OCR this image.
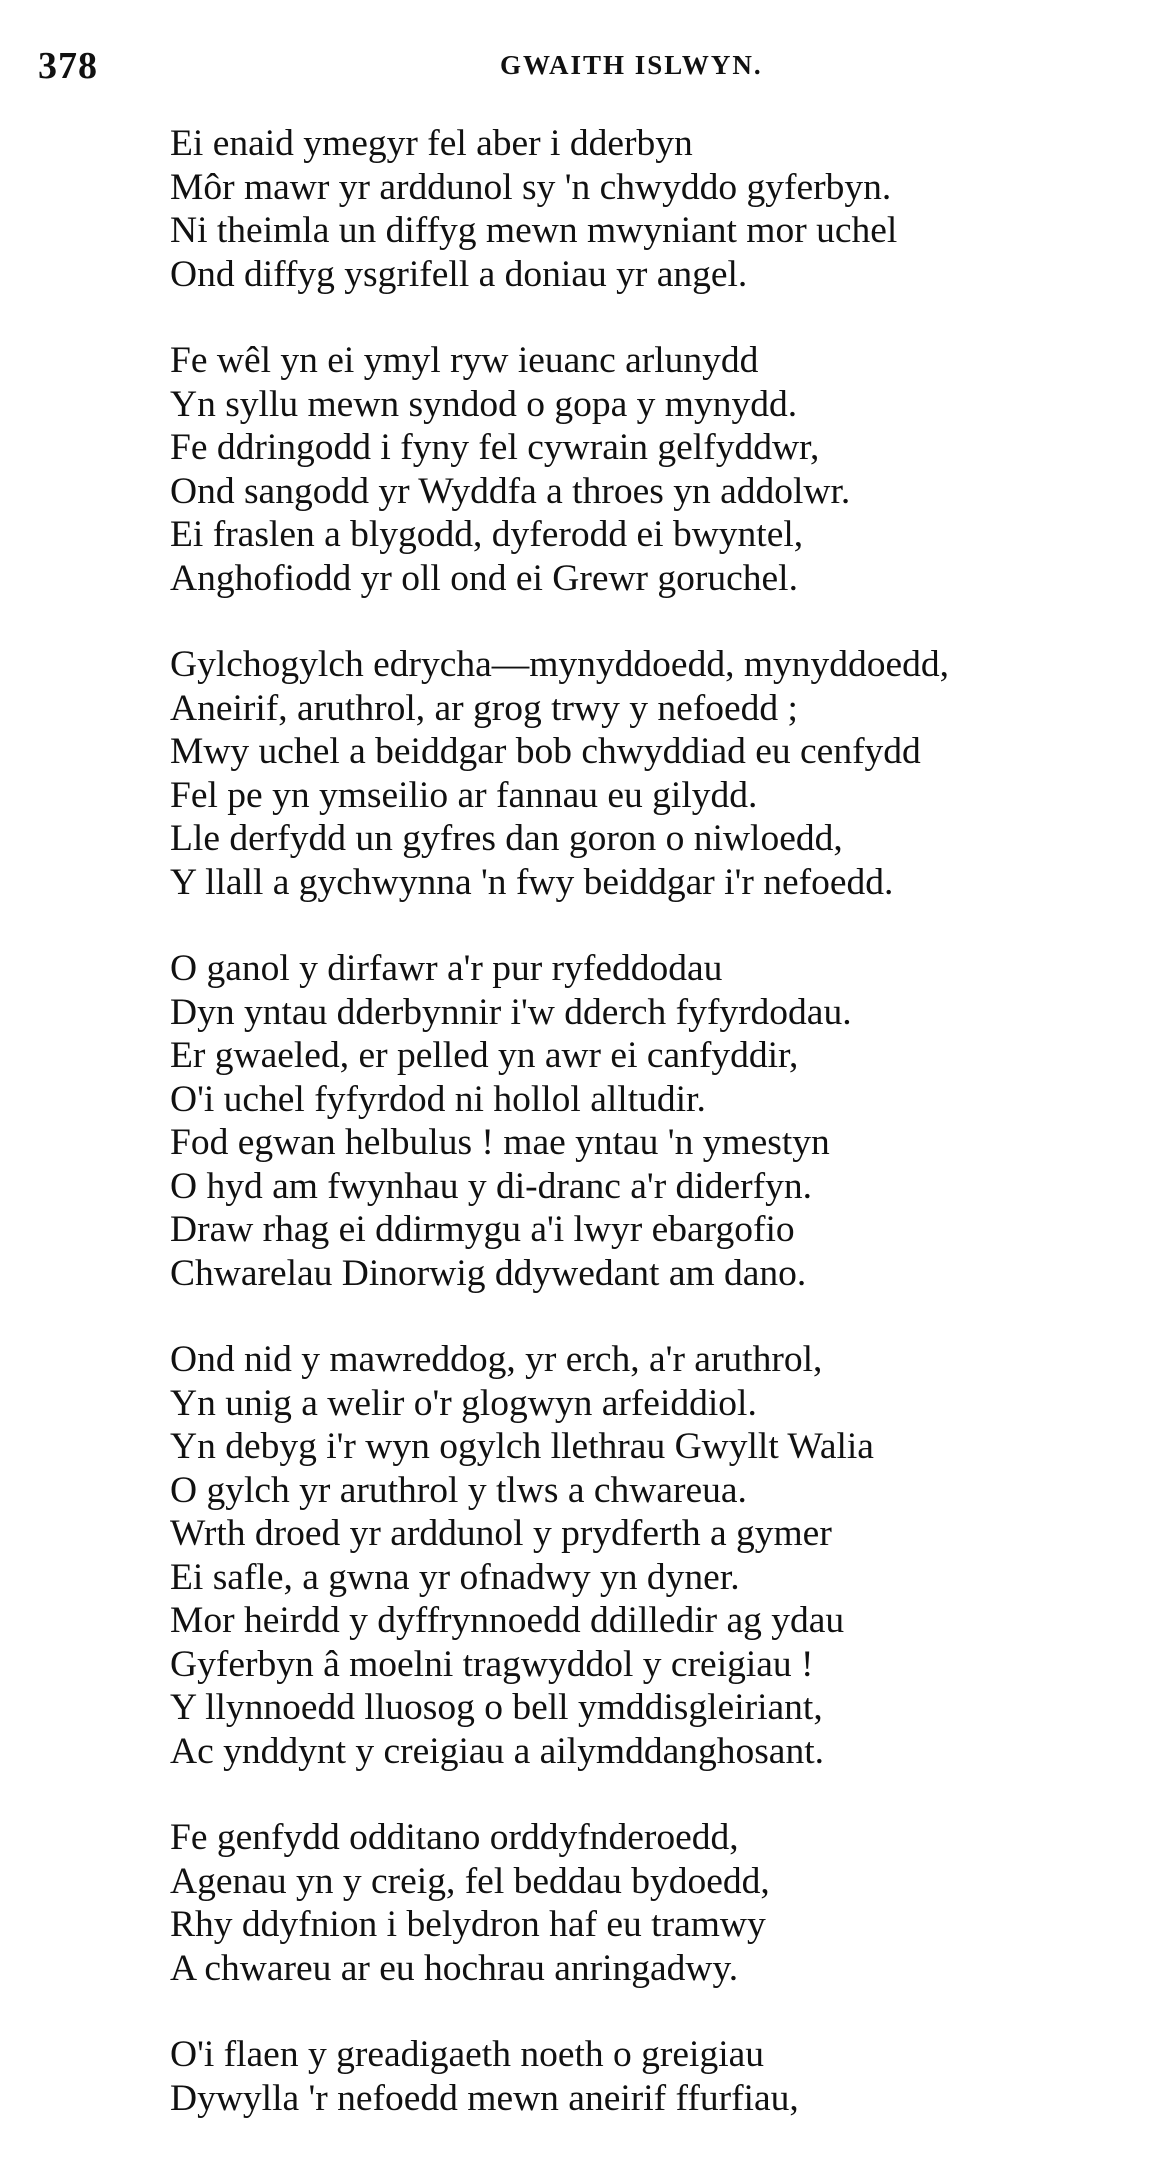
378	GWAITH ISLWYN.
Ei enaid ymegyr fel aber i dderbyn
Môr mawr yr arddunol sy 'n chwyddo gyferbyn.
Ni theimla un diffyg mewn mwyniant mor uchel
Ond diffyg ysgrifell a doniau yr angel.
Fe wêl yn ei ymyl ryw ieuanc arlunydd
Yn syllu mewn syndod o gopa y mynydd.
Fe ddringodd i fyny fel cywrain gelfyddwr,
Ond sangodd yr Wyddfa a throes yn addolwr.
Ei fraslen a blygodd, dyferodd ei bwyntel,
Anghofiodd yr oll ond ei Grewr goruchel.
Gylchogylch edrycha—mynyddoedd, mynyddoedd,
Aneirif, aruthrol, ar grog trwy y nefoedd ;
Mwy uchel a beiddgar bob chwyddiad eu cenfydd
Fel pe yn ymseilio ar fannau eu gilydd.
Lle derfydd un gyfres dan goron o niwloedd,
Y llall a gychwynna 'n fwy beiddgar i'r nefoedd.
O ganol y dirfawr a'r pur ryfeddodau
Dyn yntau dderbynnir i'w dderch fyfyrdodau.
Er gwaeled, er pelled yn awr ei canfyddir,
O'i uchel fyfyrdod ni hollol alltudir.
Fod egwan helbulus ! mae yntau 'n ymestyn
O hyd am fwynhau y di-dranc a'r diderfyn.
Draw rhag ei ddirmygu a'i lwyr ebargofio
Chwarelau Dinorwig ddywedant am dano.
Ond nid y mawreddog, yr erch, a'r aruthrol,
Yn unig a welir o'r glogwyn arfeiddiol.
Yn debyg i'r wyn ogylch llethrau Gwyllt Walia
O gylch yr aruthrol y tlws a chwareua.
Wrth droed yr arddunol y prydferth a gymer
Ei safle, a gwna yr ofnadwy yn dyner.
Mor heirdd y dyffrynnoedd ddilledir ag ydau
Gyferbyn â moelni tragwyddol y creigiau !
Y llynnoedd lluosog o bell ymddisgleiriant,
Ac ynddynt y creigiau a ailymddanghosant.
Fe genfydd odditano orddyfnderoedd,
Agenau yn y creig, fel beddau bydoedd,
Rhy ddyfnion i belydron haf eu tramwy
A chwareu ar eu hochrau anringadwy.
O'i flaen y greadigaeth noeth o greigiau
Dywylla 'r nefoedd mewn aneirif ffurfiau,
